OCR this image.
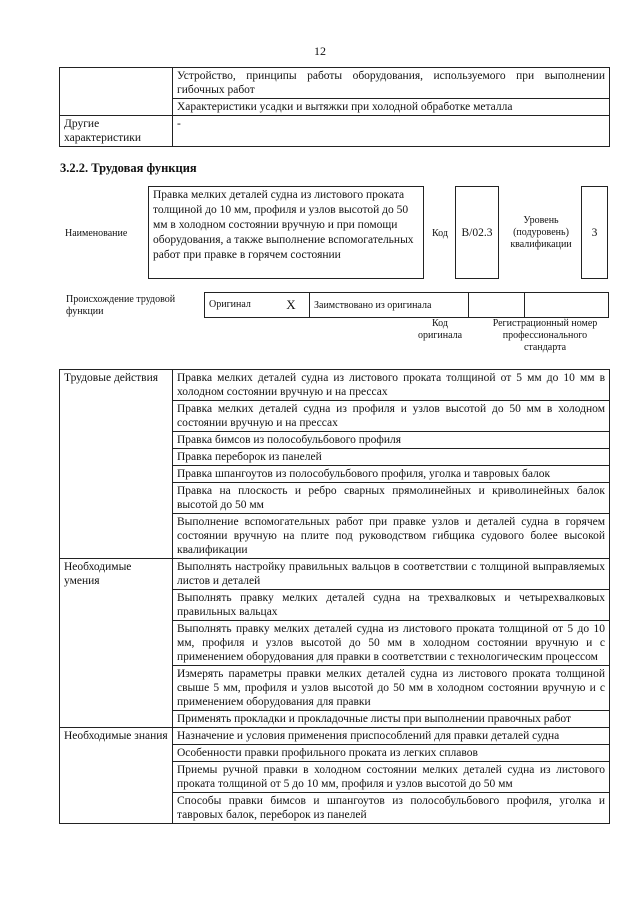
12
	Устройство, принципы работы оборудования, используемого при выполнении гибочных работ
	Характеристики усадки и вытяжки при холодной обработке металла
Другие характеристики	-
3.2.2. Трудовая функция
Наименование
Правка мелких деталей судна из листового проката толщиной до 10 мм, профиля и узлов высотой до 50 мм в холодном состоянии вручную и при помощи оборудования, а также выполнение вспомогательных работ при правке в горячем состоянии
Код B/02.3
Уровень (подуровень) квалификации
3
Происхождение трудовой функции
Оригинал	X	Заимствовано из оригинала		
Код оригинала
Регистрационный номер профессионального стандарта
Трудовые действия	Правка мелких деталей судна из листового проката толщиной от 5 мм до 10 мм в холодном состоянии вручную и на прессах
	Правка мелких деталей судна из профиля и узлов высотой до 50 мм в холодном состоянии вручную и на прессах
	Правка бимсов из полособульбового профиля
	Правка переборок из панелей
	Правка шпангоутов из полособульбового профиля, уголка и тавровых балок
	Правка на плоскость и ребро сварных прямолинейных и криволинейных балок высотой до 50 мм
	Выполнение вспомогательных работ при правке узлов и деталей судна в горячем состоянии вручную на плите под руководством гибщика судового более высокой квалификации
Необходимые умения	Выполнять настройку правильных вальцов в соответствии с толщиной выправляемых листов и деталей
	Выполнять правку мелких деталей судна на трехвалковых и четырехвалковых правильных вальцах
	Выполнять правку мелких деталей судна из листового проката толщиной от 5 до 10 мм, профиля и узлов высотой до 50 мм в холодном состоянии вручную и с применением оборудования для правки в соответствии с технологическим процессом
	Измерять параметры правки мелких деталей судна из листового проката толщиной свыше 5 мм, профиля и узлов высотой до 50 мм в холодном состоянии вручную и с применением оборудования для правки
	Применять прокладки и прокладочные листы при выполнении правочных работ
Необходимые знания	Назначение и условия применения приспособлений для правки деталей судна
	Особенности правки профильного проката из легких сплавов
	Приемы ручной правки в холодном состоянии мелких деталей судна из листового проката толщиной от 5 до 10 мм, профиля и узлов высотой до 50 мм
	Способы правки бимсов и шпангоутов из полособульбового профиля, уголка и тавровых балок, переборок из панелей
